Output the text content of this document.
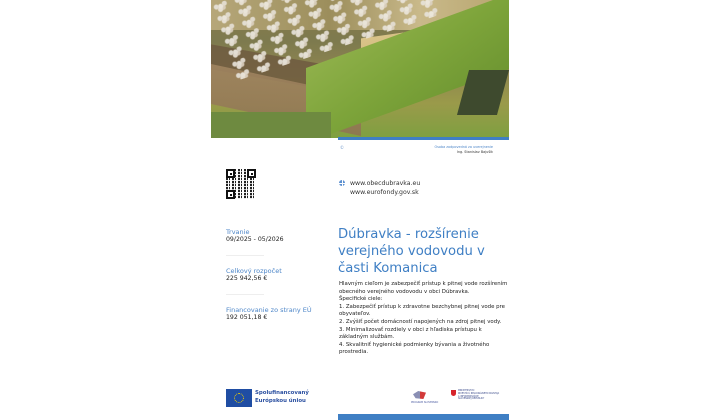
©	Osoba zodpovedná za uverejnenie
Ing. Stanislav Bajušík
www.obecdubravka.eu
www.eurofondy.gov.sk
Trvanie
09/2025 - 05/2026
Celkový rozpočet
225 942,56 €
Financovanie zo strany EÚ
192 051,18 €
Dúbravka - rozšírenie verejného vodovodu v časti Komanica
Hlavným cieľom je zabezpečiť prístup k pitnej vode rozšírením obecného verejného vodovodu v obci Dúbravka.
Špecifické ciele:
1. Zabezpečiť prístup k zdravotne bezchybnej pitnej vode pre obyvateľov.
2. Zvýšiť počet domácností napojených na zdroj pitnej vody.
3. Minimalizovať rozdiely v obci z hľadiska prístupu k základným službám.
4. Skvalitniť hygienické podmienky bývania a životného prostredia.
Spolufinancovaný
Európskou úniou	PROGRAM SLOVENSKO
MINISTERSTVO
INVESTÍCIÍ, REGIONÁLNEHO ROZVOJA
A INFORMATIZÁCIE
SLOVENSKEJ REPUBLIKY
